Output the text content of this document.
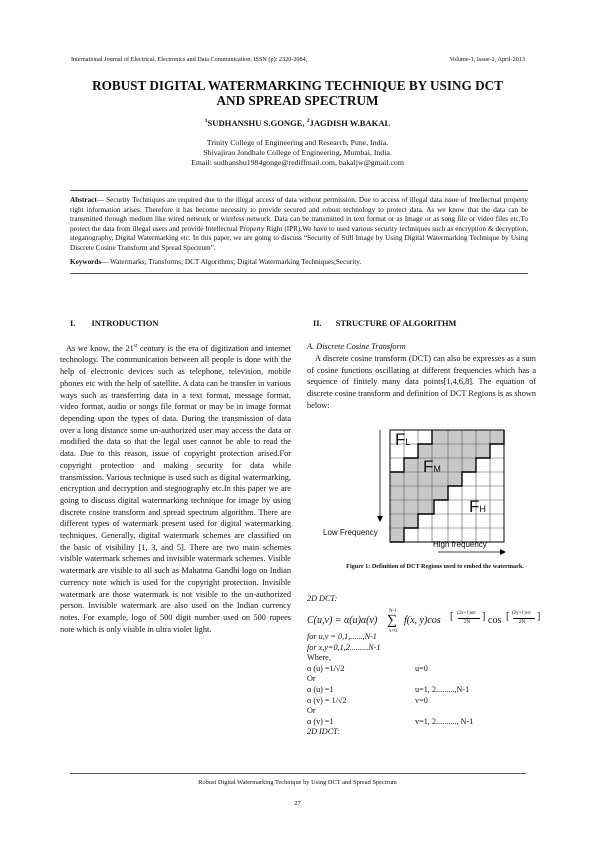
International Journal of Electrical, Electronics and Data Communication, ISSN (p): 2320-2084,	Volume-1, Issue-2, April-2013
ROBUST DIGITAL WATERMARKING TECHNIQUE BY USING DCT
AND SPREAD SPECTRUM
$^1$SUDHANSHU S.GONGE, $^2$JAGDISH W.BAKAL
Trinity College of Engineering and Research, Pune, India.
Shivajirao Jondhale College of Engineering, Mumbai, India.
Email: sudhanshu1984gonge@rediffmail.com, bakaljw@gmail.com
Abstract— Security Techniques are required due to the illegal access of data without permission. Due to access of illegal data issue of Intellectual property right information arises. Therefore it has become necessity to provide secured and robust technology to protect data. As we know that the data can be transmitted through medium like wired network or wireless network. Data can be transmitted in text format or as Image or as song file or video files etc.To protect the data from illegal users and provide Intellectual Property Right (IPR),We have to used various security techniques such as encryption & decryption, steganography, Digital Watermarking etc. In this paper, we are going to discuss “Security of Still Image by Using Digital Watermarking Technique by Using Discrete Cosine Transform and Spread Spectrum”.
Keywords— Watermarks; Transforms; DCT Algorithms; Digital Watermarking Techniques;Security.
I. INTRODUCTION
As we know, the 21st century is the era of digitization and internet technology. The communication between all people is done with the help of electronic devices such as telephone, television, mobile phones etc with the help of satellite. A data can be transfer in various ways such as transferring data in a text format, message format, video format, audio or songs file format or may be in image format depending upon the types of data. During the transmission of data over a long distance some un-authorized user may access the data or modified the data so that the legal user cannot be able to read the data. Due to this reason, issue of copyright protection arised.For copyright protection and making security for data while transmission. Various technique is used such as digital watermarking, encryption and decryption and stegnography etc.In this paper we are going to discuss digital watermarking technique for image by using discrete cosine transform and spread spectrum algorithm. There are different types of watermark present used for digital watermarking techniques. Generally, digital watermark schemes are classified on the basic of visibility [1, 3, and 5]. There are two main schemes visible watermark schemes and invisible watermark schemes. Visible watermark are visible to all such as Mahatma Gandhi logo on Indian currency note which is used for the copyright protection. Invisible watermark are those watermark is not visible to the un-authorized person. Invisible watermark are also used on the Indian currency notes. For example, logo of 500 digit number used on 500 rupees note which is only visible in ultra violet light.
II. STRUCTURE OF ALGORITHM
A. Discrete Cosine Transform
A discrete cosine transform (DCT) can also be expresses as a sum of cosine functions oscillating at different frequencies which has a sequence of finitely many data points[1,4,6,8]. The equation of discrete cosine transform and definition of DCT Regions is as shown below:
FL
FM
FH
Low Frequency
High frequency
Figure 1: Definition of DCT Regions used to embed the watermark.
2D DCT:
C(u,v) = α(u)α(v)
N-1
∑
x=0
f(x, y)cos [ (2x+1)uπ
2N
] cos [ (2y+1)vπ
2N
]
for u,v = 0,1,......,N-1
for x,y=0,1,2.........N-1
Where,
α (u) =1/√2	u=0
Or
α (u) =1	u=1, 2.........,N-1
α (v) = 1/√2	v=0
Or
α (v) =1	v=1, 2.........., N-1
2D IDCT:
Robust Digital Watermarking Technique by Using DCT and Spread Spectrum
27
